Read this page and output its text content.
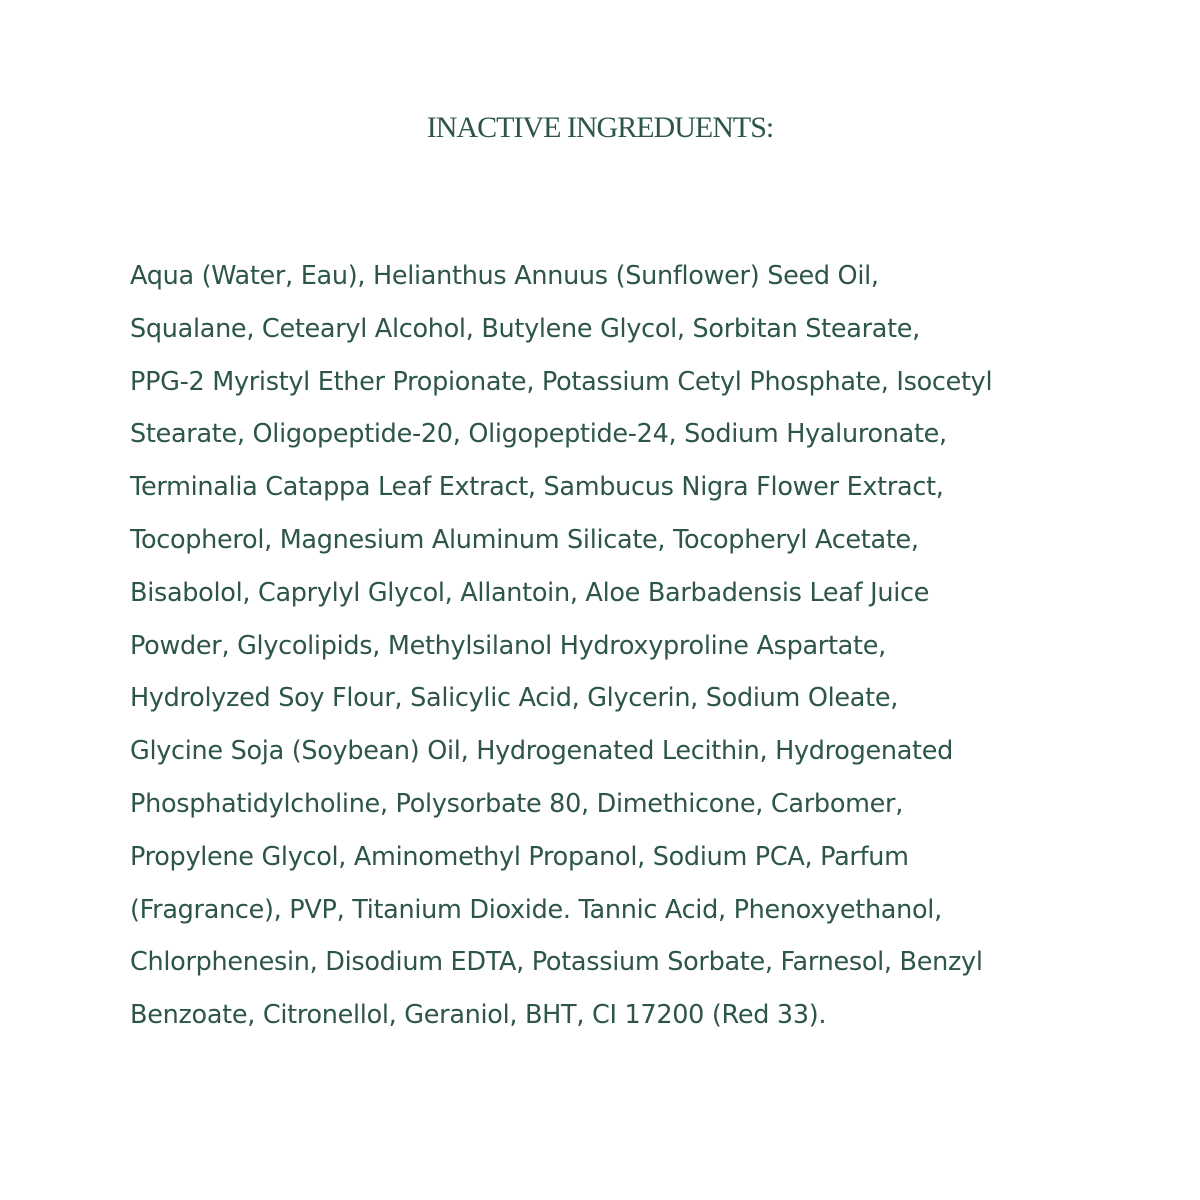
INACTIVE INGREDUENTS:
Aqua (Water, Eau), Helianthus Annuus (Sunflower) Seed Oil,
Squalane, Cetearyl Alcohol, Butylene Glycol, Sorbitan Stearate,
PPG-2 Myristyl Ether Propionate, Potassium Cetyl Phosphate, Isocetyl
Stearate, Oligopeptide-20, Oligopeptide-24, Sodium Hyaluronate,
Terminalia Catappa Leaf Extract, Sambucus Nigra Flower Extract,
Tocopherol, Magnesium Aluminum Silicate, Tocopheryl Acetate,
Bisabolol, Caprylyl Glycol, Allantoin, Aloe Barbadensis Leaf Juice
Powder, Glycolipids, Methylsilanol Hydroxyproline Aspartate,
Hydrolyzed Soy Flour, Salicylic Acid, Glycerin, Sodium Oleate,
Glycine Soja (Soybean) Oil, Hydrogenated Lecithin, Hydrogenated
Phosphatidylcholine, Polysorbate 80, Dimethicone, Carbomer,
Propylene Glycol, Aminomethyl Propanol, Sodium PCA, Parfum
(Fragrance), PVP, Titanium Dioxide. Tannic Acid, Phenoxyethanol,
Chlorphenesin, Disodium EDTA, Potassium Sorbate, Farnesol, Benzyl
Benzoate, Citronellol, Geraniol, BHT, CI 17200 (Red 33).
